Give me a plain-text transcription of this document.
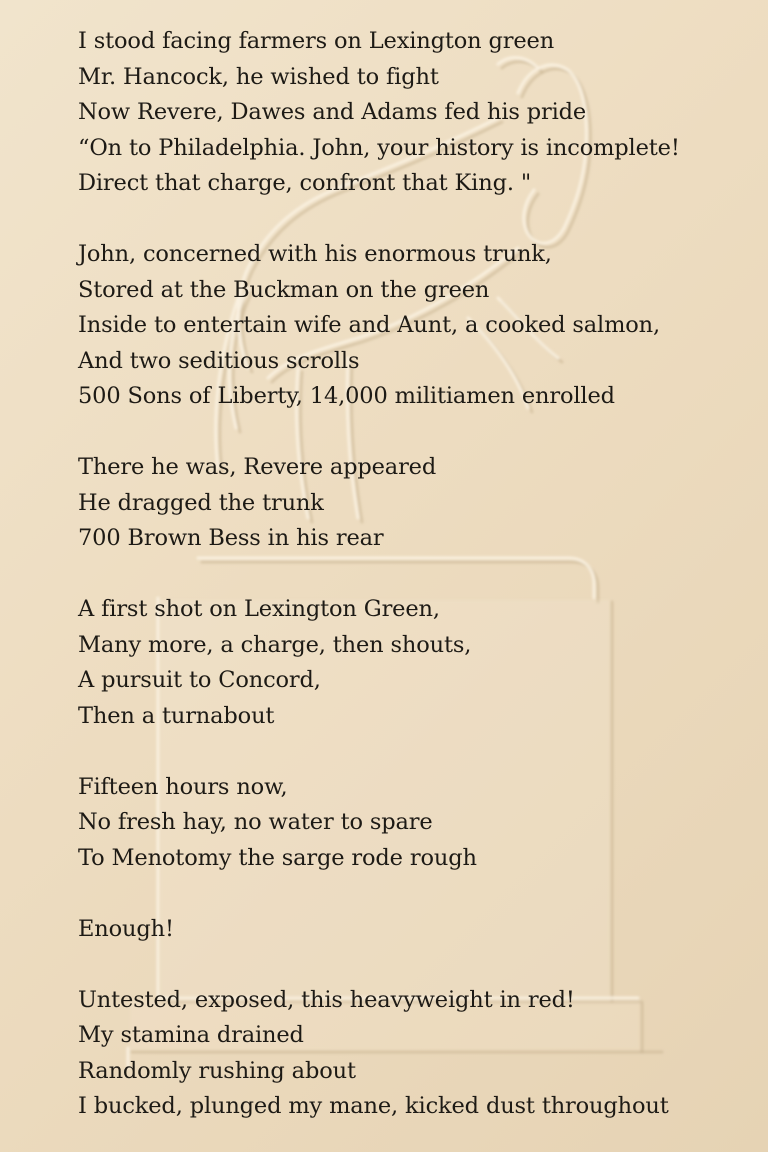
I stood facing farmers on Lexington green
Mr. Hancock, he wished to fight
Now Revere, Dawes and Adams fed his pride
“On to Philadelphia. John, your history is incomplete!
Direct that charge, confront that King. "

John, concerned with his enormous trunk,
Stored at the Buckman on the green
Inside to entertain wife and Aunt, a cooked salmon,
And two seditious scrolls
500 Sons of Liberty, 14,000 militiamen enrolled

There he was, Revere appeared
He dragged the trunk
700 Brown Bess in his rear

A first shot on Lexington Green,
Many more, a charge, then shouts,
A pursuit to Concord,
Then a turnabout

Fifteen hours now,
No fresh hay, no water to spare
To Menotomy the sarge rode rough

Enough!

Untested, exposed, this heavyweight in red!
My stamina drained
Randomly rushing about
I bucked, plunged my mane, kicked dust throughout
